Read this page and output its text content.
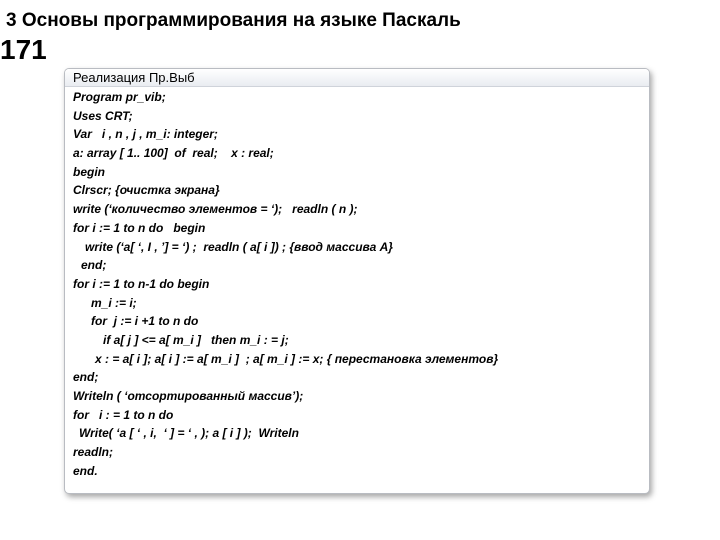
3 Основы программирования на языке Паскаль
171
Реализация Пр.Выб
Program pr_vib;
Uses CRT;
Var   i , n , j , m_i: integer;
a: array [ 1.. 100]  of  real;    x : real;
begin
Clrscr; {очистка экрана}
write (‘количество элементов = ‘);   readln ( n );
for i := 1 to n do   begin
write (‘a[ ‘, I , ’] = ‘) ;  readln ( a[ i ]) ; {ввод массива А}
end;
for i := 1 to n-1 do begin
m_i := i;
for  j := i +1 to n do
if a[ j ] <= a[ m_i ]   then m_i : = j;
x : = a[ i ]; a[ i ] := a[ m_i ]  ; a[ m_i ] := x; { перестановка элементов}
end;
Writeln ( ‘отсортированный массив’);
for   i : = 1 to n do
Write( ‘a [ ‘ , i,  ‘ ] = ‘ , ); a [ i ] );  Writeln
readln;
end.
